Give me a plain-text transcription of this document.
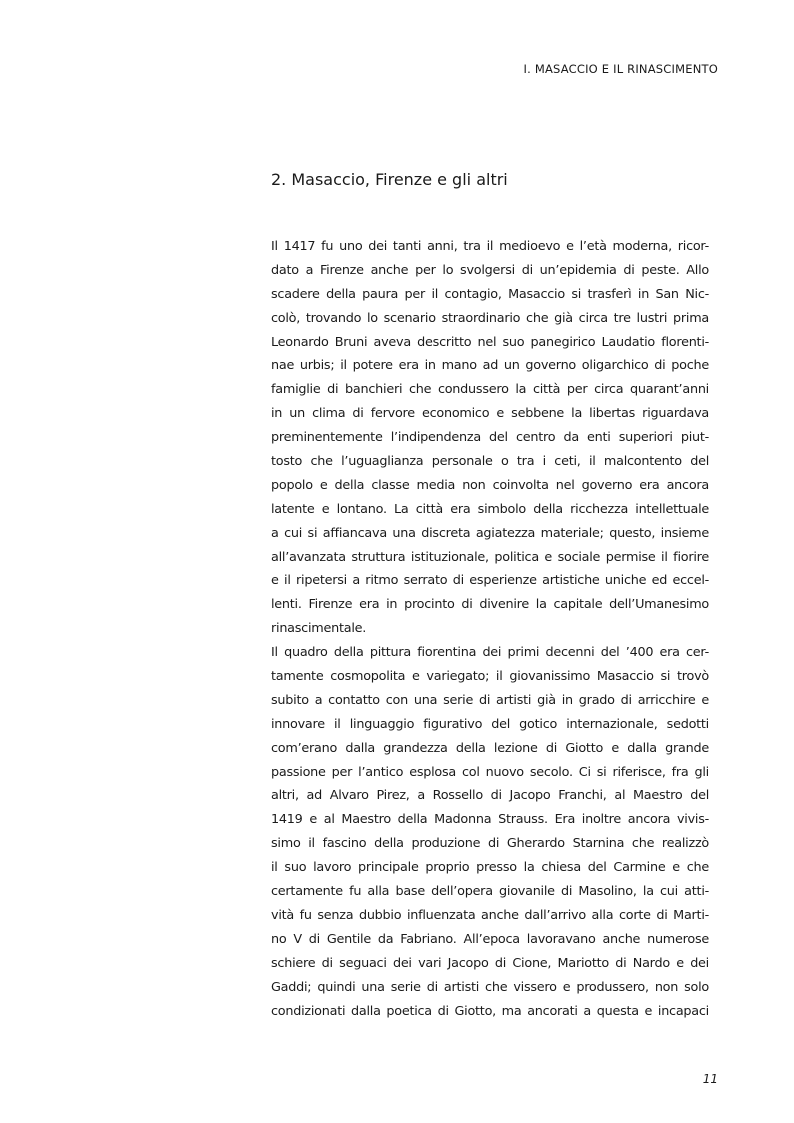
I. MASACCIO E IL RINASCIMENTO
2. Masaccio, Firenze e gli altri
Il 1417 fu uno dei tanti anni, tra il medioevo e l’età moderna, ricor-
dato a Firenze anche per lo svolgersi di un’epidemia di peste. Allo
scadere della paura per il contagio, Masaccio si trasferì in San Nic-
colò, trovando lo scenario straordinario che già circa tre lustri prima
Leonardo Bruni aveva descritto nel suo panegirico Laudatio florenti-
nae urbis; il potere era in mano ad un governo oligarchico di poche
famiglie di banchieri che condussero la città per circa quarant’anni
in un clima di fervore economico e sebbene la libertas riguardava
preminentemente l’indipendenza del centro da enti superiori piut-
tosto che l’uguaglianza personale o tra i ceti, il malcontento del
popolo e della classe media non coinvolta nel governo era ancora
latente e lontano. La città era simbolo della ricchezza intellettuale
a cui si affiancava una discreta agiatezza materiale; questo, insieme
all’avanzata struttura istituzionale, politica e sociale permise il fiorire
e il ripetersi a ritmo serrato di esperienze artistiche uniche ed eccel-
lenti. Firenze era in procinto di divenire la capitale dell’Umanesimo
rinascimentale.
Il quadro della pittura fiorentina dei primi decenni del ’400 era cer-
tamente cosmopolita e variegato; il giovanissimo Masaccio si trovò
subito a contatto con una serie di artisti già in grado di arricchire e
innovare il linguaggio figurativo del gotico internazionale, sedotti
com’erano dalla grandezza della lezione di Giotto e dalla grande
passione per l’antico esplosa col nuovo secolo. Ci si riferisce, fra gli
altri, ad Alvaro Pirez, a Rossello di Jacopo Franchi, al Maestro del
1419 e al Maestro della Madonna Strauss. Era inoltre ancora vivis-
simo il fascino della produzione di Gherardo Starnina che realizzò
il suo lavoro principale proprio presso la chiesa del Carmine e che
certamente fu alla base dell’opera giovanile di Masolino, la cui atti-
vità fu senza dubbio influenzata anche dall’arrivo alla corte di Marti-
no V di Gentile da Fabriano. All’epoca lavoravano anche numerose
schiere di seguaci dei vari Jacopo di Cione, Mariotto di Nardo e dei
Gaddi; quindi una serie di artisti che vissero e produssero, non solo
condizionati dalla poetica di Giotto, ma ancorati a questa e incapaci
11
